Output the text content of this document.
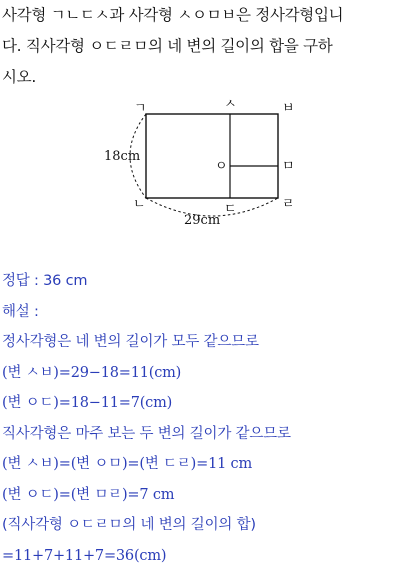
사각형 ㄱㄴㄷㅅ과 사각형 ㅅㅇㅁㅂ은 정사각형입니
다. 직사각형 ㅇㄷㄹㅁ의 네 변의 길이의 합을 구하
시오.
ㄱ	ㅅ	ㅂ
ㅇ	ㅁ
ㄴ	ㄷ	ㄹ
18cm
29cm
정답 : 36 cm
해설 :
정사각형은 네 변의 길이가 모두 같으므로
(변 ㅅㅂ)=29−18=11(cm)
(변 ㅇㄷ)=18−11=7(cm)
직사각형은 마주 보는 두 변의 길이가 같으므로
(변 ㅅㅂ)=(변 ㅇㅁ)=(변 ㄷㄹ)=11 cm
(변 ㅇㄷ)=(변 ㅁㄹ)=7 cm
(직사각형 ㅇㄷㄹㅁ의 네 변의 길이의 합)
=11+7+11+7=36(cm)
